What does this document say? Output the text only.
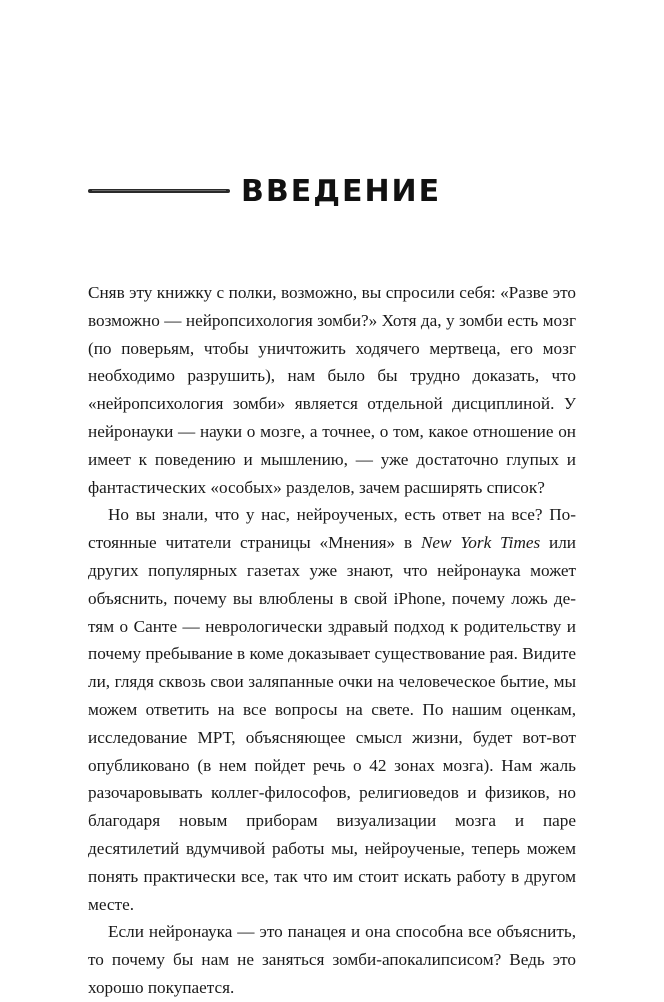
ВВЕДЕНИЕ

Сняв эту книжку с полки, возможно, вы спросили себя: «Разве это возможно — нейропсихология зомби?» Хотя да, у зомби есть мозг (по поверьям, чтобы уничтожить ходячего мертвеца, его мозг необходимо разрушить), нам было бы трудно доказать, что «нейропсихология зомби» является отдельной дисциплиной. У нейронауки — науки о мозге, а точнее, о том, какое отношение он имеет к поведению и мышлению, — уже достаточно глупых и фантастических «особых» разделов, зачем расширять список?

Но вы знали, что у нас, нейроученых, есть ответ на все? Постоянные читатели страницы «Мнения» в New York Times или других популярных газетах уже знают, что нейронаука может объяснить, почему вы влюблены в свой iPhone, почему ложь детям о Санте — неврологически здравый подход к родительству и почему пребывание в коме доказывает существование рая. Видите ли, глядя сквозь свои заляпанные очки на человеческое бытие, мы можем ответить на все вопросы на свете. По нашим оценкам, исследование МРТ, объясняющее смысл жизни, будет вот-вот опубликовано (в нем пойдет речь о 42 зонах мозга). Нам жаль разочаровывать коллег-философов, религиоведов и физиков, но благодаря новым приборам визуализации мозга и паре десятилетий вдумчивой работы мы, нейроученые, теперь можем понять практически все, так что им стоит искать работу в другом месте.

Если нейронаука — это панацея и она способна все объяснить, то почему бы нам не заняться зомби-апокалипсисом? Ведь это хорошо покупается.
